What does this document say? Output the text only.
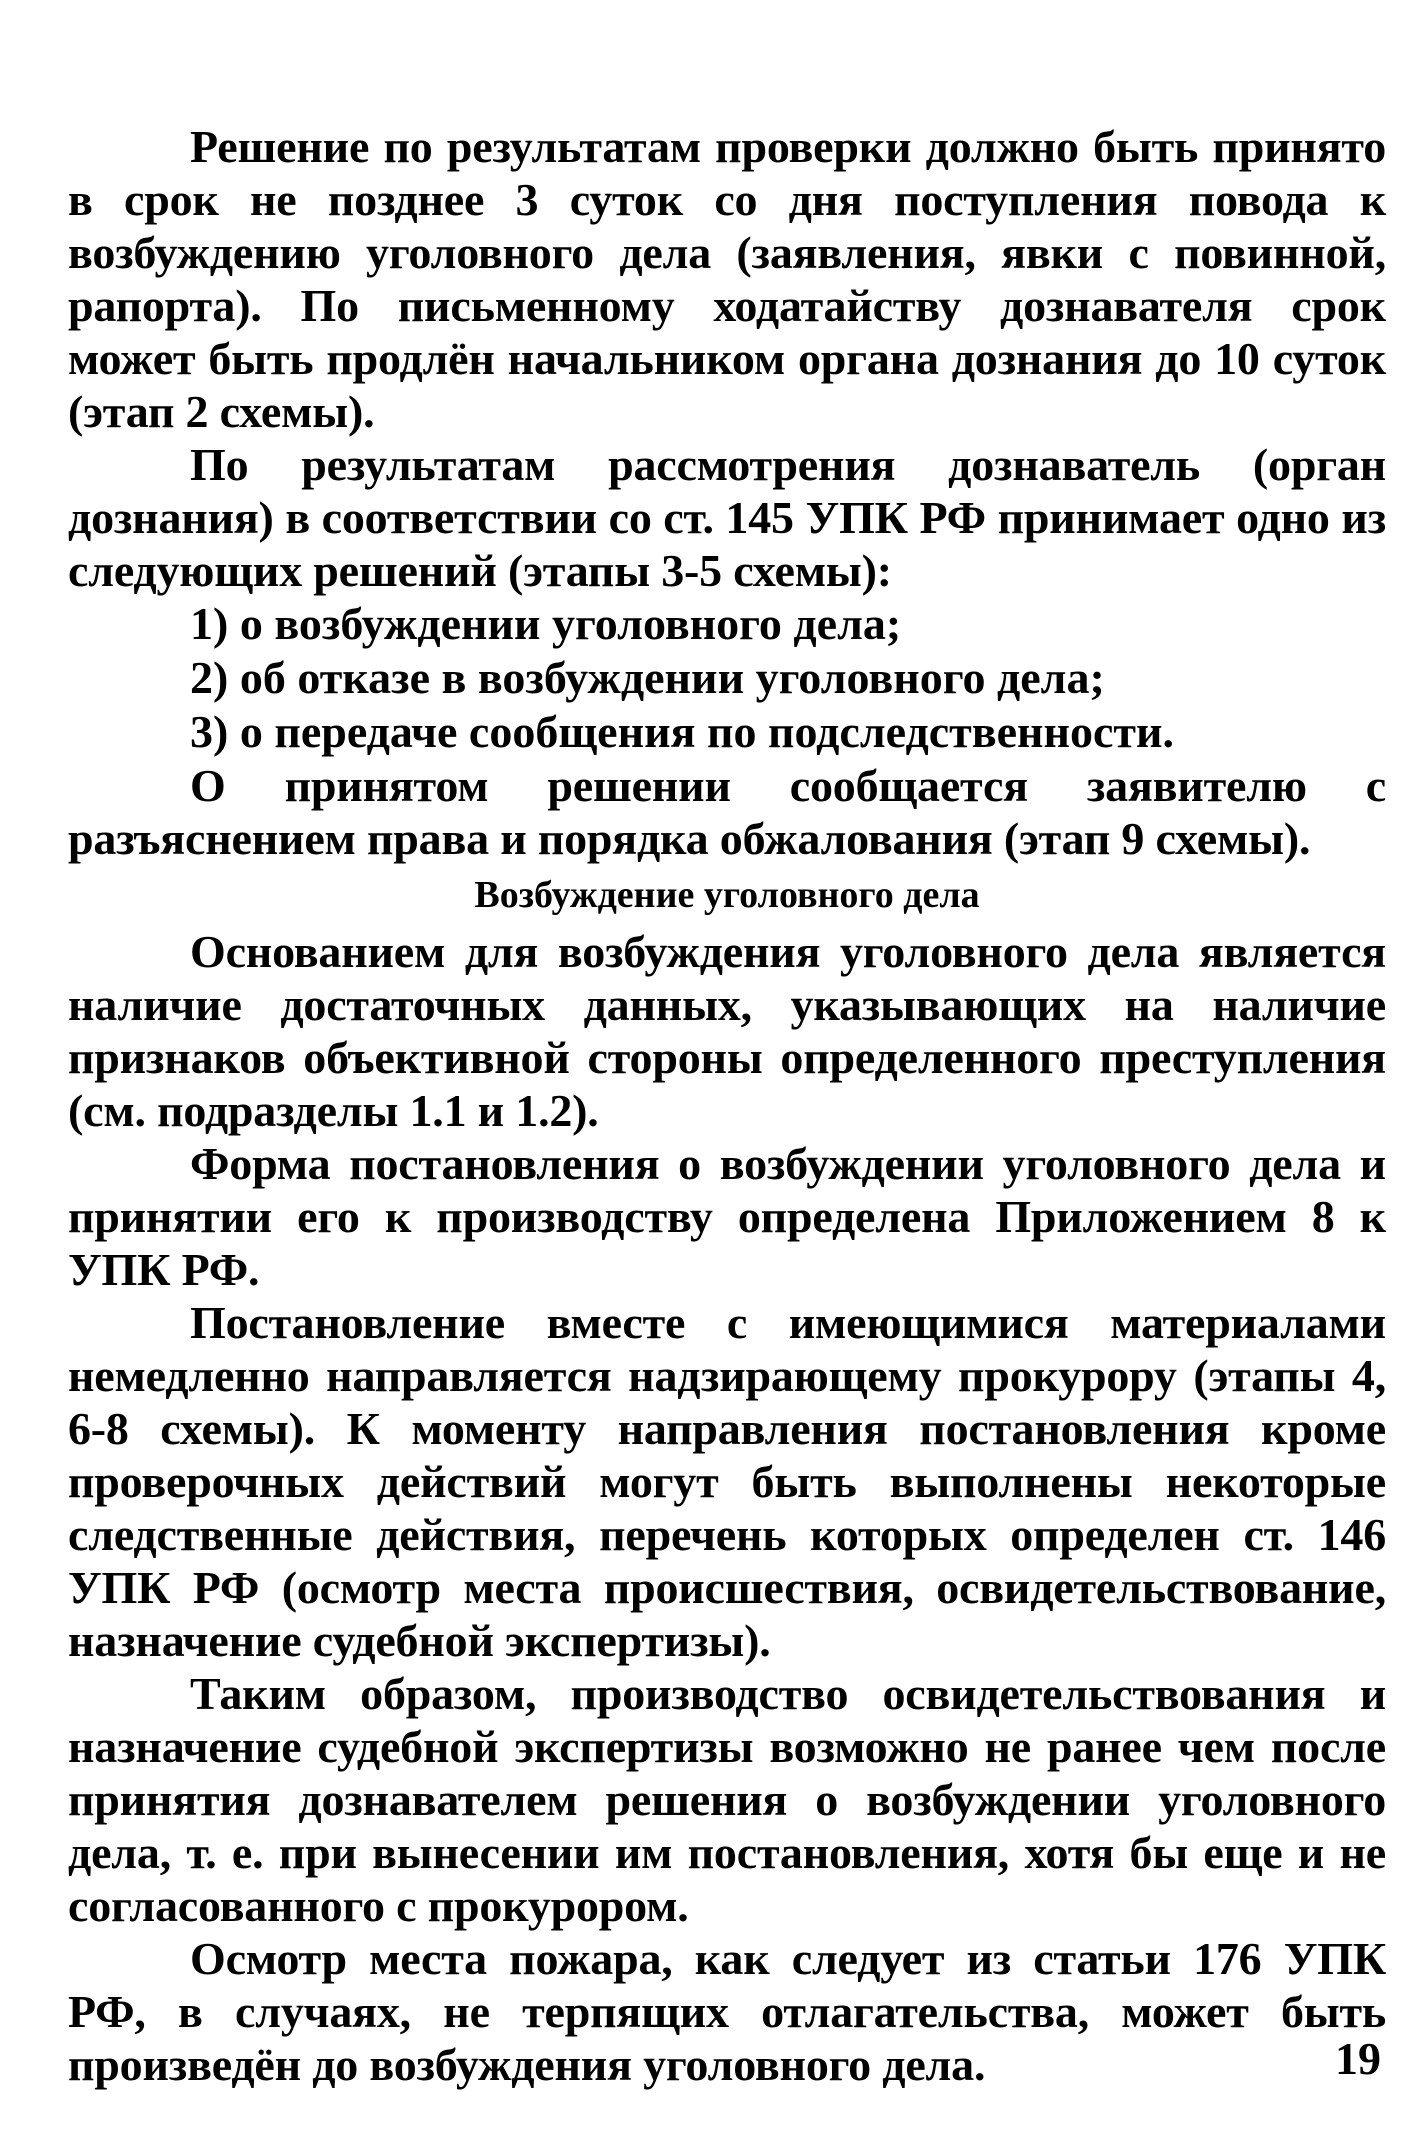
Решение по результатам проверки должно быть принято в срок не позднее 3 суток со дня поступления повода к возбуждению уголовного дела (заявления, явки с повинной, рапорта). По письменному ходатайству дознавателя срок может быть продлён начальником органа дознания до 10 суток (этап 2 схемы).

По результатам рассмотрения дознаватель (орган дознания) в соответствии со ст. 145 УПК РФ принимает одно из следующих решений (этапы 3-5 схемы):

1) о возбуждении уголовного дела;

2) об отказе в возбуждении уголовного дела;

3) о передаче сообщения по подследственности.

О принятом решении сообщается заявителю с разъяснением права и порядка обжалования (этап 9 схемы).

Возбуждение уголовного дела

Основанием для возбуждения уголовного дела является наличие достаточных данных, указывающих на наличие признаков объективной стороны определенного преступления (см. подразделы 1.1 и 1.2).

Форма постановления о возбуждении уголовного дела и принятии его к производству определена Приложением 8 к УПК РФ.

Постановление вместе с имеющимися материалами немедленно направляется надзирающему прокурору (этапы 4, 6-8 схемы). К моменту направления постановления кроме проверочных действий могут быть выполнены некоторые следственные действия, перечень которых определен ст. 146 УПК РФ (осмотр места происшествия, освидетельствование, назначение судебной экспертизы).

Таким образом, производство освидетельствования и назначение судебной экспертизы возможно не ранее чем после принятия дознавателем решения о возбуждении уголовного дела, т. е. при вынесении им постановления, хотя бы еще и не согласованного с прокурором.

Осмотр места пожара, как следует из статьи 176 УПК РФ, в случаях, не терпящих отлагательства, может быть произведён до возбуждения уголовного дела.	19
